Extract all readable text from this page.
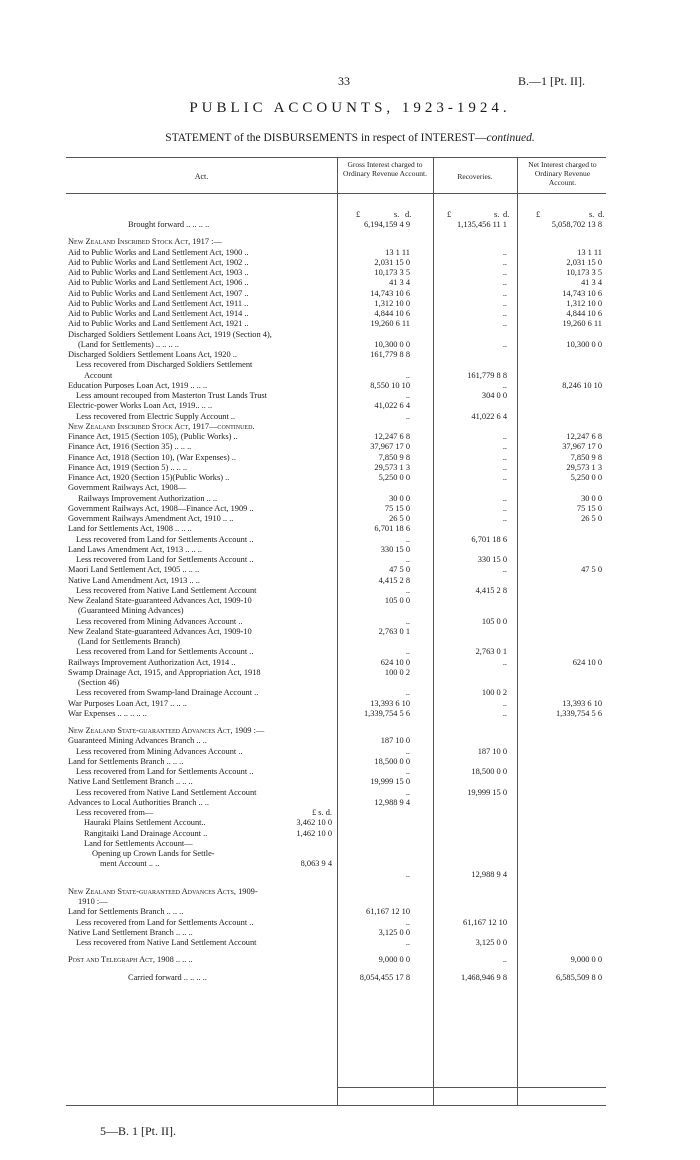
33	B.—1 [Pt. II].
PUBLIC ACCOUNTS, 1923-1924.
STATEMENT of the DISBURSEMENTS in respect of INTEREST—continued.
Act.
Gross Interest charged to Ordinary Revenue Account.	Recoveries.
Net Interest charged to Ordinary Revenue Account.
£	s. d.	£	s. d.	£	s. d.
Brought forward .. .. .. ..	6,194,159 4 9	1,135,456 11 1	5,058,702 13 8
New Zealand Inscribed Stock Act, 1917 :—
Aid to Public Works and Land Settlement Act, 1900 ..	13 1 11	..	13 1 11
Aid to Public Works and Land Settlement Act, 1902 ..	2,031 15 0	..	2,031 15 0
Aid to Public Works and Land Settlement Act, 1903 ..	10,173 3 5	..	10,173 3 5
Aid to Public Works and Land Settlement Act, 1906 ..	41 3 4	..	41 3 4
Aid to Public Works and Land Settlement Act, 1907 ..	14,743 10 6	..	14,743 10 6
Aid to Public Works and Land Settlement Act, 1911 ..	1,312 10 0	..	1,312 10 0
Aid to Public Works and Land Settlement Act, 1914 ..	4,844 10 6	..	4,844 10 6
Aid to Public Works and Land Settlement Act, 1921 ..	19,260 6 11	..	19,260 6 11
Discharged Soldiers Settlement Loans Act, 1919 (Section 4),
(Land for Settlements) .. .. .. ..	10,300 0 0	..	10,300 0 0
Discharged Soldiers Settlement Loans Act, 1920 ..	161,779 8 8
Less recovered from Discharged Soldiers Settlement
Account	..	161,779 8 8
Education Purposes Loan Act, 1919 .. .. ..	8,550 10 10	..	8,246 10 10
Less amount recouped from Masterton Trust Lands Trust	..	304 0 0
Electric-power Works Loan Act, 1919.. .. ..	41,022 6 4
Less recovered from Electric Supply Account ..	..	41,022 6 4
New Zealand Inscribed Stock Act, 1917—continued.
Finance Act, 1915 (Section 105), (Public Works) ..	12,247 6 8	..	12,247 6 8
Finance Act, 1916 (Section 35) .. .. ..	37,967 17 0	..	37,967 17 0
Finance Act, 1918 (Section 10), (War Expenses) ..	7,850 9 8	..	7,850 9 8
Finance Act, 1919 (Section 5) .. .. ..	29,573 1 3	..	29,573 1 3
Finance Act, 1920 (Section 15)(Public Works) ..	5,250 0 0	..	5,250 0 0
Government Railways Act, 1908—
Railways Improvement Authorization .. ..	30 0 0	..	30 0 0
Government Railways Act, 1908—Finance Act, 1909 ..	75 15 0	..	75 15 0
Government Railways Amendment Act, 1910 .. ..	26 5 0	..	26 5 0
Land for Settlements Act, 1908 .. .. ..	6,701 18 6
Less recovered from Land for Settlements Account ..	..	6,701 18 6
Land Laws Amendment Act, 1913 .. .. ..	330 15 0
Less recovered from Land for Settlements Account ..	..	330 15 0
Maori Land Settlement Act, 1905 .. .. ..	47 5 0	..	47 5 0
Native Land Amendment Act, 1913 .. ..	4,415 2 8
Less recovered from Native Land Settlement Account	..	4,415 2 8
New Zealand State-guaranteed Advances Act, 1909-10	105 0 0
(Guaranteed Mining Advances)
Less recovered from Mining Advances Account ..	..	105 0 0
New Zealand State-guaranteed Advances Act, 1909-10	2,763 0 1
(Land for Settlements Branch)
Less recovered from Land for Settlements Account ..	..	2,763 0 1
Railways Improvement Authorization Act, 1914 ..	624 10 0	..	624 10 0
Swamp Drainage Act, 1915, and Appropriation Act, 1918	100 0 2
(Section 46)
Less recovered from Swamp-land Drainage Account ..	..	100 0 2
War Purposes Loan Act, 1917 .. .. ..	13,393 6 10	..	13,393 6 10
War Expenses .. .. .. .. ..	1,339,754 5 6	..	1,339,754 5 6
New Zealand State-guaranteed Advances Act, 1909 :—
Guaranteed Mining Advances Branch .. ..	187 10 0
Less recovered from Mining Advances Account ..	..	187 10 0
Land for Settlements Branch .. .. ..	18,500 0 0
Less recovered from Land for Settlements Account ..	..	18,500 0 0
Native Land Settlement Branch .. .. ..	19,999 15 0
Less recovered from Native Land Settlement Account	..	19,999 15 0
Advances to Local Authorities Branch .. ..	12,988 9 4
Less recovered from—	£ s. d.
Hauraki Plains Settlement Account..	3,462 10 0
Rangitaiki Land Drainage Account ..	1,462 10 0
Land for Settlements Account—
Opening up Crown Lands for Settle-
ment Account .. ..	8,063 9 4
..	12,988 9 4
New Zealand State-guaranteed Advances Acts, 1909-
1910 :—
Land for Settlements Branch .. .. ..	61,167 12 10
Less recovered from Land for Settlements Account ..	..	61,167 12 10
Native Land Settlement Branch .. .. ..	3,125 0 0
Less recovered from Native Land Settlement Account	..	3,125 0 0
Post and Telegraph Act, 1908 .. .. ..	9,000 0 0	..	9,000 0 0
Carried forward .. .. .. ..	8,054,455 17 8	1,468,946 9 8	6,585,509 8 0
5—B. 1 [Pt. II].
